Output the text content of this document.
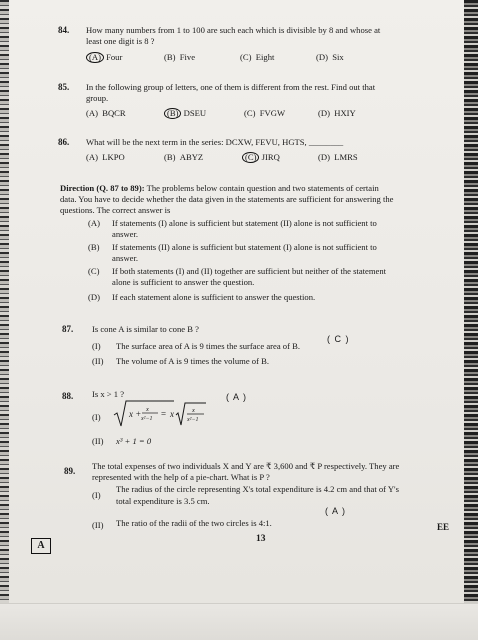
84. How many numbers from 1 to 100 are such each which is divisible by 8 and whose at
least one digit is 8 ?
(A) Four	(B) Five	(C) Eight	(D) Six
85. In the following group of letters, one of them is different from the rest. Find out that
group.
(A) BQCR	(B) DSEU	(C) FVGW	(D) HXIY
86. What will be the next term in the series: DCXW, FEVU, HGTS, ________
(A) LKPO	(B) ABYZ	(C) JIRQ	(D) LMRS
Direction (Q. 87 to 89): The problems below contain question and two statements of certain
data. You have to decide whether the data given in the statements are sufficient for answering the
questions. The correct answer is
(A) If statements (I) alone is sufficient but statement (II) alone is not sufficient to
answer.
(B) If statements (II) alone is sufficient but statement (I) alone is not sufficient to
answer.
(C) If both statements (I) and (II) together are sufficient but neither of the statement
alone is sufficient to answer the question.
(D) If each statement alone is sufficient to answer the question.
87. Is cone A is similar to cone B ?
(I) The surface area of A is 9 times the surface area of B.
( C )
(II) The volume of A is 9 times the volume of B.
88. Is x > 1 ?	( A )
(I)	x + x
x²−1 = x	x
x²−1
(II) x³ + 1 = 0
89. The total expenses of two individuals X and Y are ₹ 3,600 and ₹ P respectively. They are
represented with the help of a pie-chart. What is P ?
(I)
The radius of the circle representing X's total expenditure is 4.2 cm and that of Y's
total expenditure is 3.5 cm.
( A )
(II) The ratio of the radii of the two circles is 4:1.
A
13
EE
